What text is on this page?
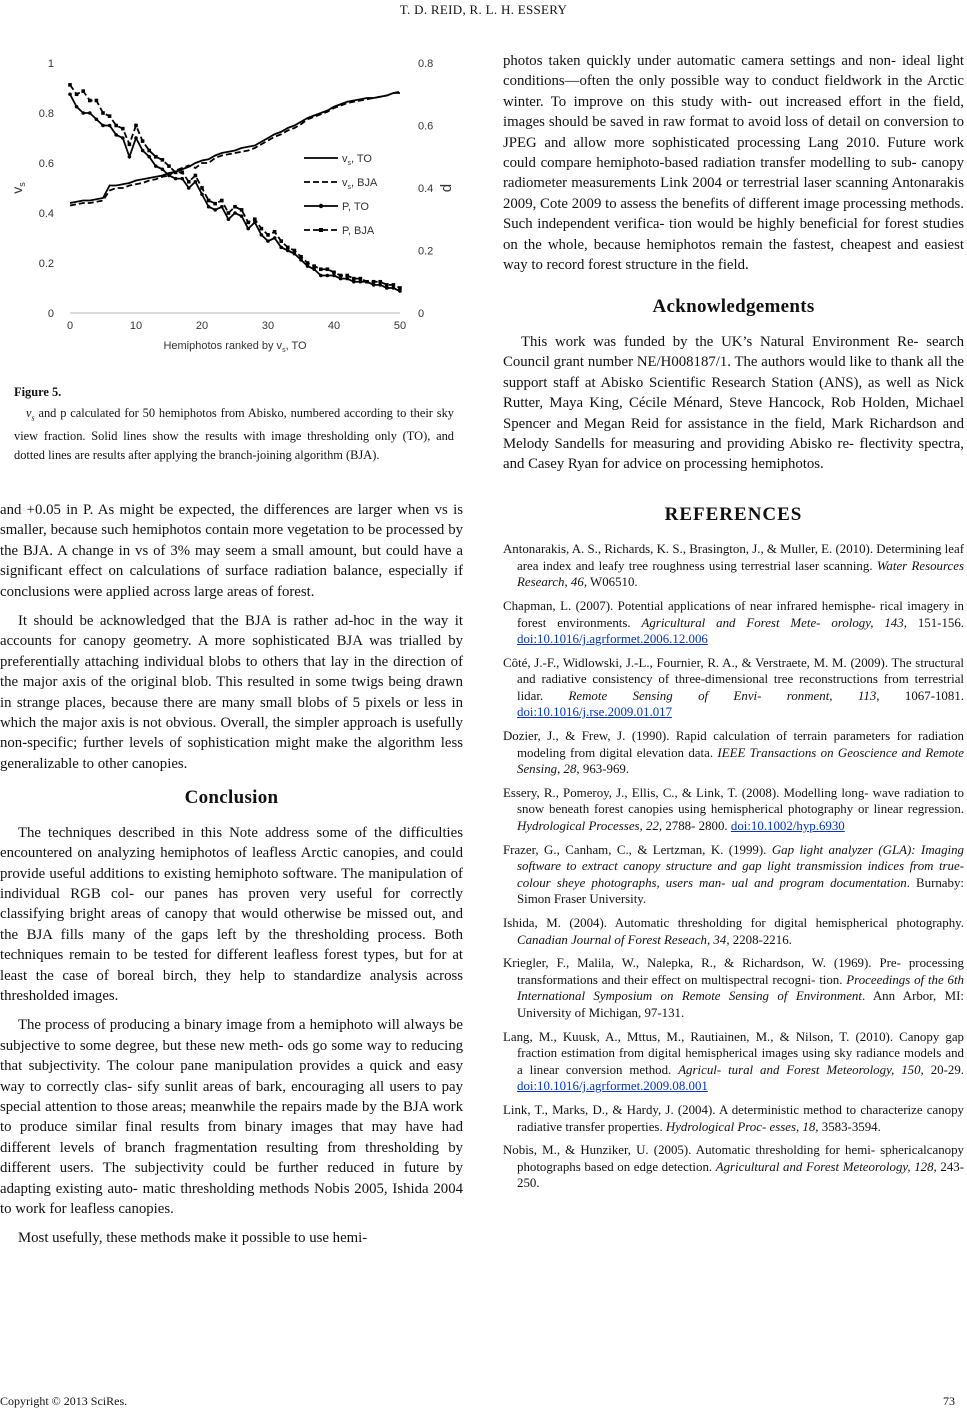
T. D. REID, R. L. H. ESSERY
0	10	20	30	40	50
0
0.2
0.4
0.6
0.8
1
0
0.2
0.4
0.6
0.8
Hemiphotos ranked by $v_s$, TO
$v_s$	p
$v_s$, TO
$v_s$, BJA
P, TO
P, BJA
Figure 5.
$v_s$ and p calculated for 50 hemiphotos from Abisko, numbered according to their sky view fraction. Solid lines show the results with image thresholding only (TO), and dotted lines are results after applying the branch-joining algorithm (BJA).

and +0.05 in P. As might be expected, the differences are larger when vs is smaller, because such hemiphotos contain more vegetation to be processed by the BJA. A change in vs of 3% may seem a small amount, but could have a significant effect on calculations of surface radiation balance, especially if conclusions were applied across large areas of forest.

It should be acknowledged that the BJA is rather ad-hoc in the way it accounts for canopy geometry. A more sophisticated BJA was trialled by preferentially attaching individual blobs to others that lay in the direction of the major axis of the original blob. This resulted in some twigs being drawn in strange places, because there are many small blobs of 5 pixels or less in which the major axis is not obvious. Overall, the simpler approach is usefully non-specific; further levels of sophistication might make the algorithm less generalizable to other canopies.

Conclusion

The techniques described in this Note address some of the difficulties encountered on analyzing hemiphotos of leafless Arctic canopies, and could provide useful additions to existing hemiphoto software. The manipulation of individual RGB col- our panes has proven very useful for correctly classifying bright areas of canopy that would otherwise be missed out, and the BJA fills many of the gaps left by the thresholding process. Both techniques remain to be tested for different leafless forest types, but for at least the case of boreal birch, they help to standardize analysis across thresholded images.

The process of producing a binary image from a hemiphoto will always be subjective to some degree, but these new meth- ods go some way to reducing that subjectivity. The colour pane manipulation provides a quick and easy way to correctly clas- sify sunlit areas of bark, encouraging all users to pay special attention to those areas; meanwhile the repairs made by the BJA work to produce similar final results from binary images that may have had different levels of branch fragmentation resulting from thresholding by different users. The subjectivity could be further reduced in future by adapting existing auto- matic thresholding methods Nobis 2005, Ishida 2004 to work for leafless canopies.

Most usefully, these methods make it possible to use hemi-

photos taken quickly under automatic camera settings and non- ideal light conditions—often the only possible way to conduct fieldwork in the Arctic winter. To improve on this study with- out increased effort in the field, images should be saved in raw format to avoid loss of detail on conversion to JPEG and allow more sophisticated processing Lang 2010. Future work could compare hemiphoto-based radiation transfer modelling to sub- canopy radiometer measurements Link 2004 or terrestrial laser scanning Antonarakis 2009, Cote 2009 to assess the benefits of different image processing methods. Such independent verifica- tion would be highly beneficial for forest studies on the whole, because hemiphotos remain the fastest, cheapest and easiest way to record forest structure in the field.

Acknowledgements

This work was funded by the UK’s Natural Environment Re- search Council grant number NE/H008187/1. The authors would like to thank all the support staff at Abisko Scientific Research Station (ANS), as well as Nick Rutter, Maya King, Cécile Ménard, Steve Hancock, Rob Holden, Michael Spencer and Megan Reid for assistance in the field, Mark Richardson and Melody Sandells for measuring and providing Abisko re- flectivity spectra, and Casey Ryan for advice on processing hemiphotos.

REFERENCES
Antonarakis, A. S., Richards, K. S., Brasington, J., & Muller, E. (2010). Determining leaf area index and leafy tree roughness using terrestrial laser scanning. Water Resources Research, 46, W06510.
Chapman, L. (2007). Potential applications of near infrared hemisphe- rical imagery in forest environments. Agricultural and Forest Mete- orology, 143, 151-156. doi:10.1016/j.agrformet.2006.12.006
Côté, J.-F., Widlowski, J.-L., Fournier, R. A., & Verstraete, M. M. (2009). The structural and radiative consistency of three-dimensional tree reconstructions from terrestrial lidar. Remote Sensing of Envi- ronment, 113, 1067-1081. doi:10.1016/j.rse.2009.01.017
Dozier, J., & Frew, J. (1990). Rapid calculation of terrain parameters for radiation modeling from digital elevation data. IEEE Transactions on Geoscience and Remote Sensing, 28, 963-969.
Essery, R., Pomeroy, J., Ellis, C., & Link, T. (2008). Modelling long- wave radiation to snow beneath forest canopies using hemispherical photography or linear regression. Hydrological Processes, 22, 2788- 2800. doi:10.1002/hyp.6930
Frazer, G., Canham, C., & Lertzman, K. (1999). Gap light analyzer (GLA): Imaging software to extract canopy structure and gap light transmission indices from true-colour sheye photographs, users man- ual and program documentation. Burnaby: Simon Fraser University.
Ishida, M. (2004). Automatic thresholding for digital hemispherical photography. Canadian Journal of Forest Reseach, 34, 2208-2216.
Kriegler, F., Malila, W., Nalepka, R., & Richardson, W. (1969). Pre- processing transformations and their effect on multispectral recogni- tion. Proceedings of the 6th International Symposium on Remote Sensing of Environment. Ann Arbor, MI: University of Michigan, 97-131.
Lang, M., Kuusk, A., Mttus, M., Rautiainen, M., & Nilson, T. (2010). Canopy gap fraction estimation from digital hemispherical images using sky radiance models and a linear conversion method. Agricul- tural and Forest Meteorology, 150, 20-29. doi:10.1016/j.agrformet.2009.08.001
Link, T., Marks, D., & Hardy, J. (2004). A deterministic method to characterize canopy radiative transfer properties. Hydrological Proc- esses, 18, 3583-3594.
Nobis, M., & Hunziker, U. (2005). Automatic thresholding for hemi- sphericalcanopy photographs based on edge detection. Agricultural and Forest Meteorology, 128, 243-250.
Copyright © 2013 SciRes.	73
